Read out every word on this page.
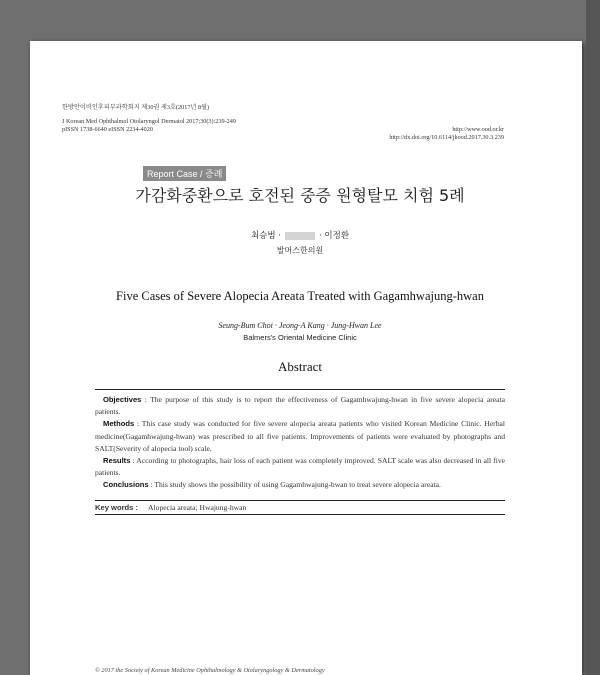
한방안이비인후피부과학회지 제30권 제3호(2017년 8월)
J Korean Med Ophthalmol Otolaryngol Dermatol 2017;30(3):239-249
pISSN 1738-6640 eISSN 2234-4020	http://www.ood.or.kr
http://dx.doi.org/10.6114/jkood.2017.30.3.239
Report Case / 증례
가감화중환으로 호전된 중증 원형탈모 치험 5례
최승범 ·	· 이정환
발머스한의원
Five Cases of Severe Alopecia Areata Treated with Gagamhwajung-hwan
Seung-Bum Choi · Jeong-A Kang · Jung-Hwan Lee
Balmers's Oriental Medicine Clinic
Abstract

Objectives : The purpose of this study is to report the effectiveness of Gagamhwajung-hwan in five severe alopecia areata patients.

Methods : This case study was conducted for five severe alopecia areata patients who visited Korean Medicine Clinic. Herbal medicine(Gagamhwajung-hwan) was prescribed to all five patients. Improvements of patients were evaluated by photographs and SALT(Severity of alopecia tool) scale.

Results : According to photographs, hair loss of each patient was completely improved. SALT scale was also decreased in all five patients.

Conclusions : This study shows the possibility of using Gagamhwajung-hwan to treat severe alopecia areata.

Key words : Alopecia areata; Hwajung-hwan
© 2017 the Society of Korean Medicine Ophthalmology & Otolaryngology & Dermatology
